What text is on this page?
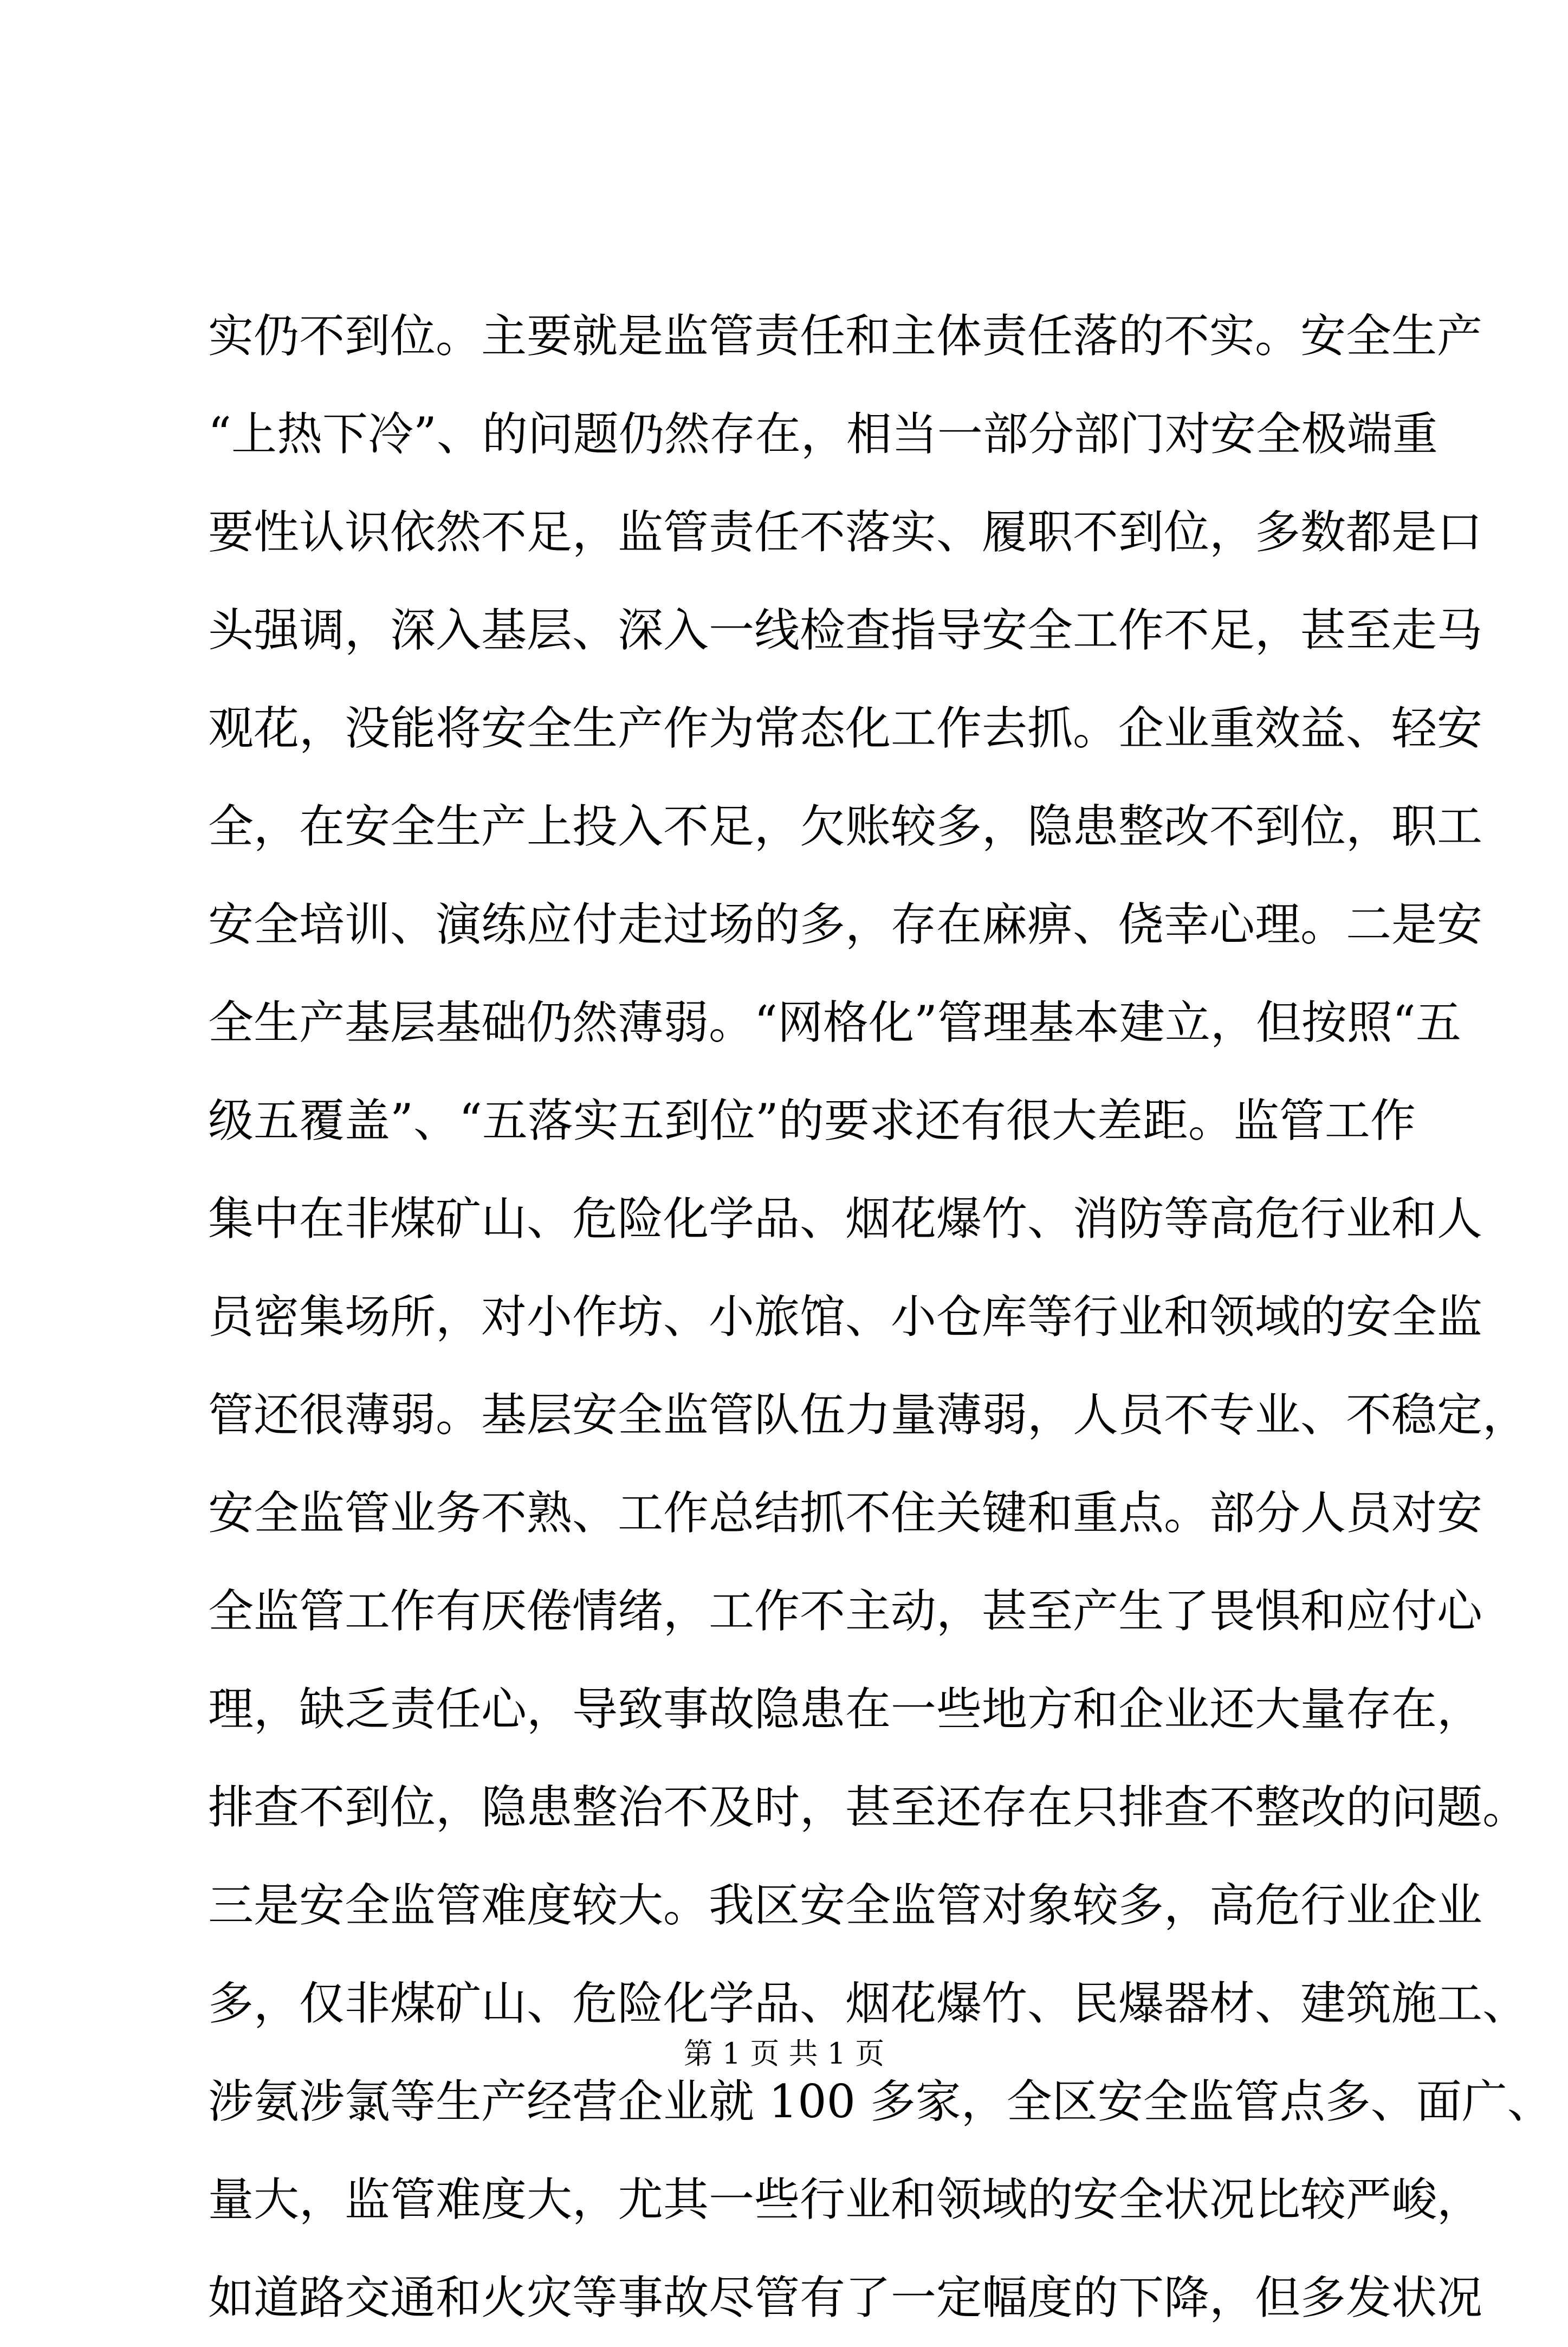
实仍不到位。主要就是监管责任和主体责任落的不实。安全生产
“上热下冷”、的问题仍然存在，相当一部分部门对安全极端重
要性认识依然不足，监管责任不落实、履职不到位，多数都是口
头强调，深入基层、深入一线检查指导安全工作不足，甚至走马
观花，没能将安全生产作为常态化工作去抓。企业重效益、轻安
全，在安全生产上投入不足，欠账较多，隐患整改不到位，职工
安全培训、演练应付走过场的多，存在麻痹、侥幸心理。二是安
全生产基层基础仍然薄弱。“网格化”管理基本建立，但按照“五
级五覆盖”、“五落实五到位”的要求还有很大差距。监管工作
集中在非煤矿山、危险化学品、烟花爆竹、消防等高危行业和人
员密集场所，对小作坊、小旅馆、小仓库等行业和领域的安全监
管还很薄弱。基层安全监管队伍力量薄弱，人员不专业、不稳定，
安全监管业务不熟、工作总结抓不住关键和重点。部分人员对安
全监管工作有厌倦情绪，工作不主动，甚至产生了畏惧和应付心
理，缺乏责任心，导致事故隐患在一些地方和企业还大量存在，
排查不到位，隐患整治不及时，甚至还存在只排查不整改的问题。
三是安全监管难度较大。我区安全监管对象较多，高危行业企业
多，仅非煤矿山、危险化学品、烟花爆竹、民爆器材、建筑施工、
涉氨涉氯等生产经营企业就 100 多家，全区安全监管点多、面广、
量大，监管难度大，尤其一些行业和领域的安全状况比较严峻，
如道路交通和火灾等事故尽管有了一定幅度的下降，但多发状况
第 1 页 共 1 页
